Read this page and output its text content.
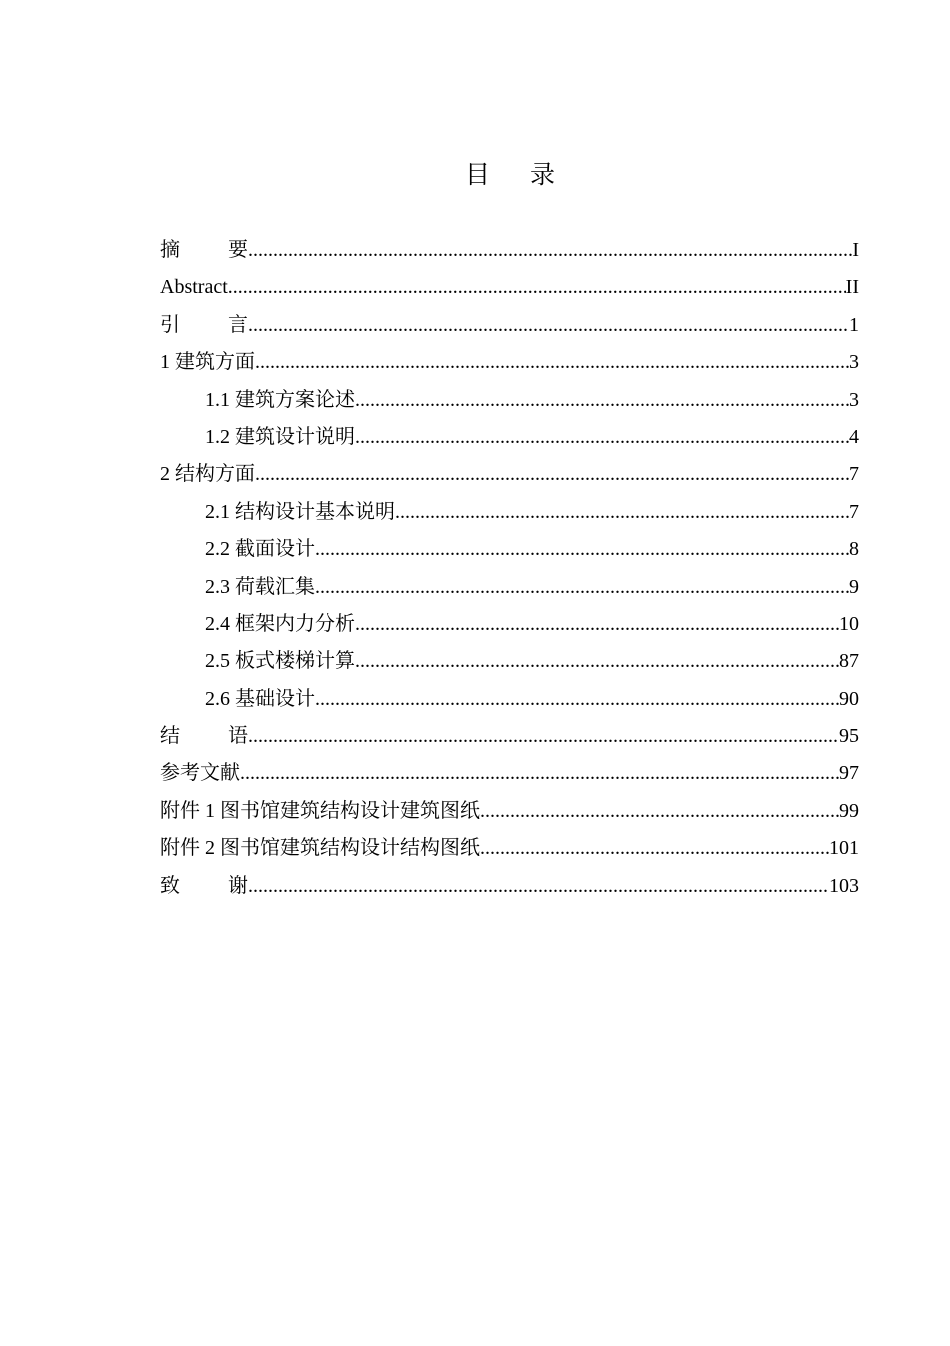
目 录
摘　要 .....	I
Abstract .....	II
引　言 .....	1
1 建筑方面 .....	3
1.1 建筑方案论述 .....	3
1.2 建筑设计说明 .....	4
2 结构方面 .....	7
2.1 结构设计基本说明 .....	7
2.2 截面设计 .....	8
2.3 荷载汇集 .....	9
2.4 框架内力分析 .....	10
2.5 板式楼梯计算 .....	87
2.6 基础设计 .....	90
结　语 .....	95
参考文献 .....	97
附件 1 图书馆建筑结构设计建筑图纸 .....	99
附件 2 图书馆建筑结构设计结构图纸 .....	101
致　谢 .....	103
